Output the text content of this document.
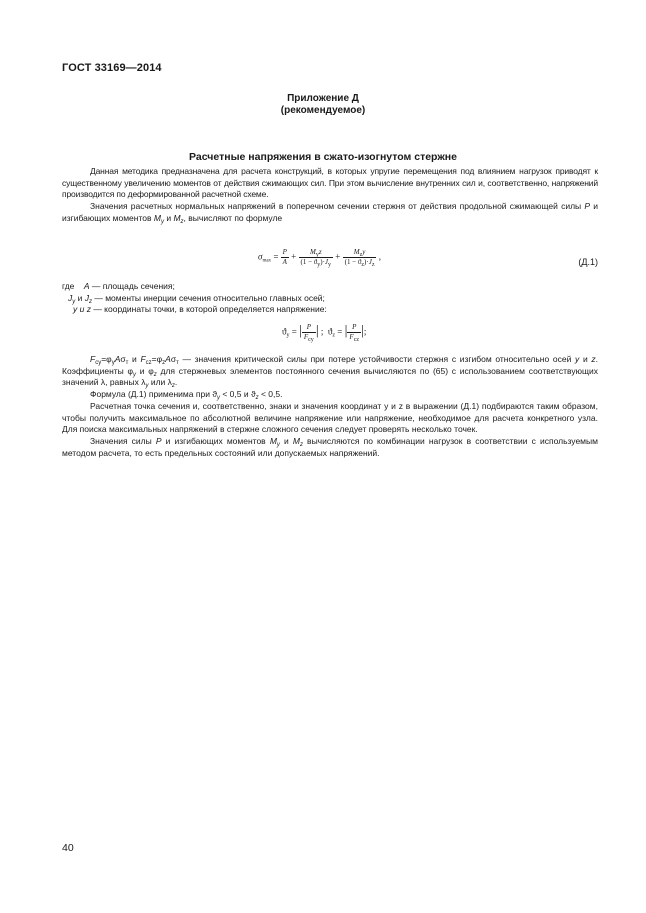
ГОСТ 33169—2014
Приложение Д
(рекомендуемое)
Расчетные напряжения в сжато-изогнутом стержне

Данная методика предназначена для расчета конструкций, в которых упругие перемещения под влиянием нагрузок приводят к существенному увеличению моментов от действия сжимающих сил. При этом вычисление внутренних сил и, соответственно, напряжений производится по деформированной расчетной схеме.

Значения расчетных нормальных напряжений в поперечном сечении стержня от действия продольной сжимающей силы P и изгибающих моментов $M_y$ и $M_z$, вычисляют по формуле

$\sigma_{max} = \frac{P}{A} + \frac{M_yz}{(1 - ϑ_y)\cdot J_y} + \frac{M_zy}{(1 - ϑ_z)\cdot J_z}$ ,
(Д.1)
где A — площадь сечения;
$J_y$ и $J_z$ — моменты инерции сечения относительно главных осей;
y и z — координаты точки, в которой определяется напряжение:
$ϑ_y$ = | $\frac{P}{F_{cy}}$ | ;  $ϑ_z$ = | $\frac{P}{F_{cz}}$ |;

$F_{cy}=\varphi_yA\sigma_т$ и $F_{cz}=\varphi_zA\sigma_т$ — значения критической силы при потере устойчивости стержня с изгибом относительно осей y и z. Коэффициенты $\varphi_y$ и $\varphi_z$ для стержневых элементов постоянного сечения вычисляются по (65) с использованием соответствующих значений λ, равных $\lambda_y$ или $\lambda_z$.

Формула (Д.1) применима при $ϑ_y < 0,5$ и $ϑ_z < 0,5$.

Расчетная точка сечения и, соответственно, знаки и значения координат y и z в выражении (Д.1) подбираются таким образом, чтобы получить максимальное по абсолютной величине напряжение или напряжение, необходимое для расчета конкретного узла. Для поиска максимальных напряжений в стержне сложного сечения следует проверять несколько точек.

Значения силы P и изгибающих моментов $M_y$ и $M_z$ вычисляются по комбинации нагрузок в соответствии с используемым методом расчета, то есть предельных состояний или допускаемых напряжений.

40
